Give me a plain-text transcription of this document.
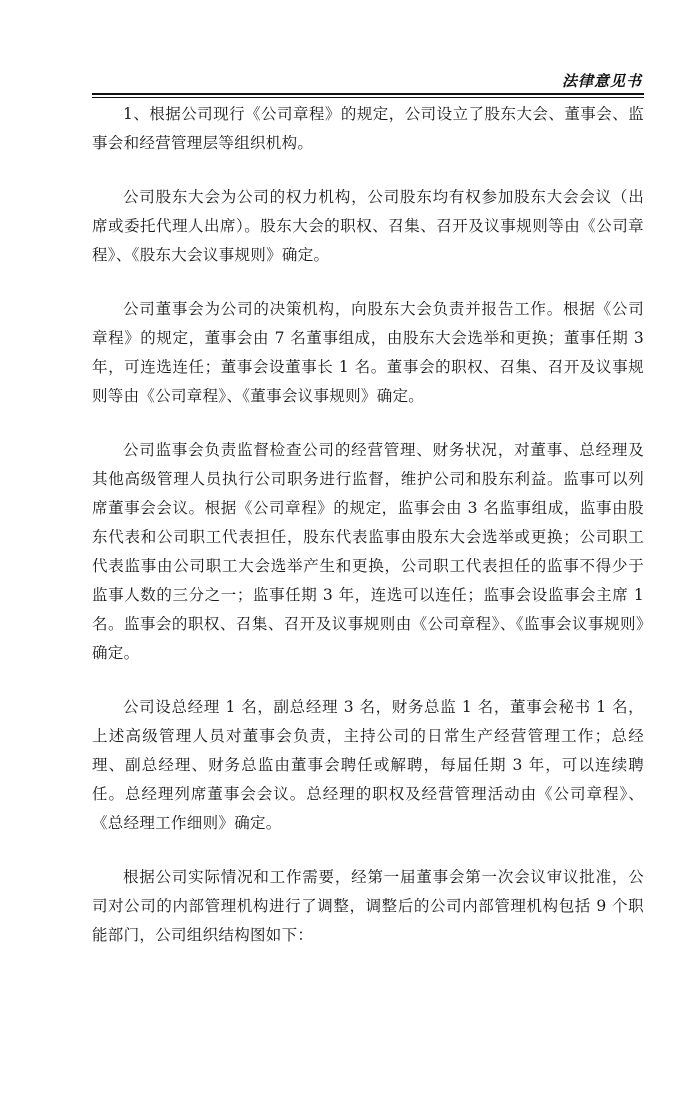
法律意见书

1、根据公司现行《公司章程》的规定，公司设立了股东大会、董事会、监事会和经营管理层等组织机构。

公司股东大会为公司的权力机构，公司股东均有权参加股东大会会议（出席或委托代理人出席）。股东大会的职权、召集、召开及议事规则等由《公司章程》、《股东大会议事规则》确定。

公司董事会为公司的决策机构，向股东大会负责并报告工作。根据《公司章程》的规定，董事会由 7 名董事组成，由股东大会选举和更换；董事任期 3 年，可连选连任；董事会设董事长 1 名。董事会的职权、召集、召开及议事规则等由《公司章程》、《董事会议事规则》确定。

公司监事会负责监督检查公司的经营管理、财务状况，对董事、总经理及其他高级管理人员执行公司职务进行监督，维护公司和股东利益。监事可以列席董事会会议。根据《公司章程》的规定，监事会由 3 名监事组成，监事由股东代表和公司职工代表担任，股东代表监事由股东大会选举或更换；公司职工代表监事由公司职工大会选举产生和更换，公司职工代表担任的监事不得少于监事人数的三分之一；监事任期 3 年，连选可以连任；监事会设监事会主席 1 名。监事会的职权、召集、召开及议事规则由《公司章程》、《监事会议事规则》确定。

公司设总经理 1 名，副总经理 3 名，财务总监 1 名，董事会秘书 1 名，上述高级管理人员对董事会负责，主持公司的日常生产经营管理工作；总经理、副总经理、财务总监由董事会聘任或解聘，每届任期 3 年，可以连续聘任。总经理列席董事会会议。总经理的职权及经营管理活动由《公司章程》、《总经理工作细则》确定。

根据公司实际情况和工作需要，经第一届董事会第一次会议审议批准，公司对公司的内部管理机构进行了调整，调整后的公司内部管理机构包括 9 个职能部门，公司组织结构图如下：
